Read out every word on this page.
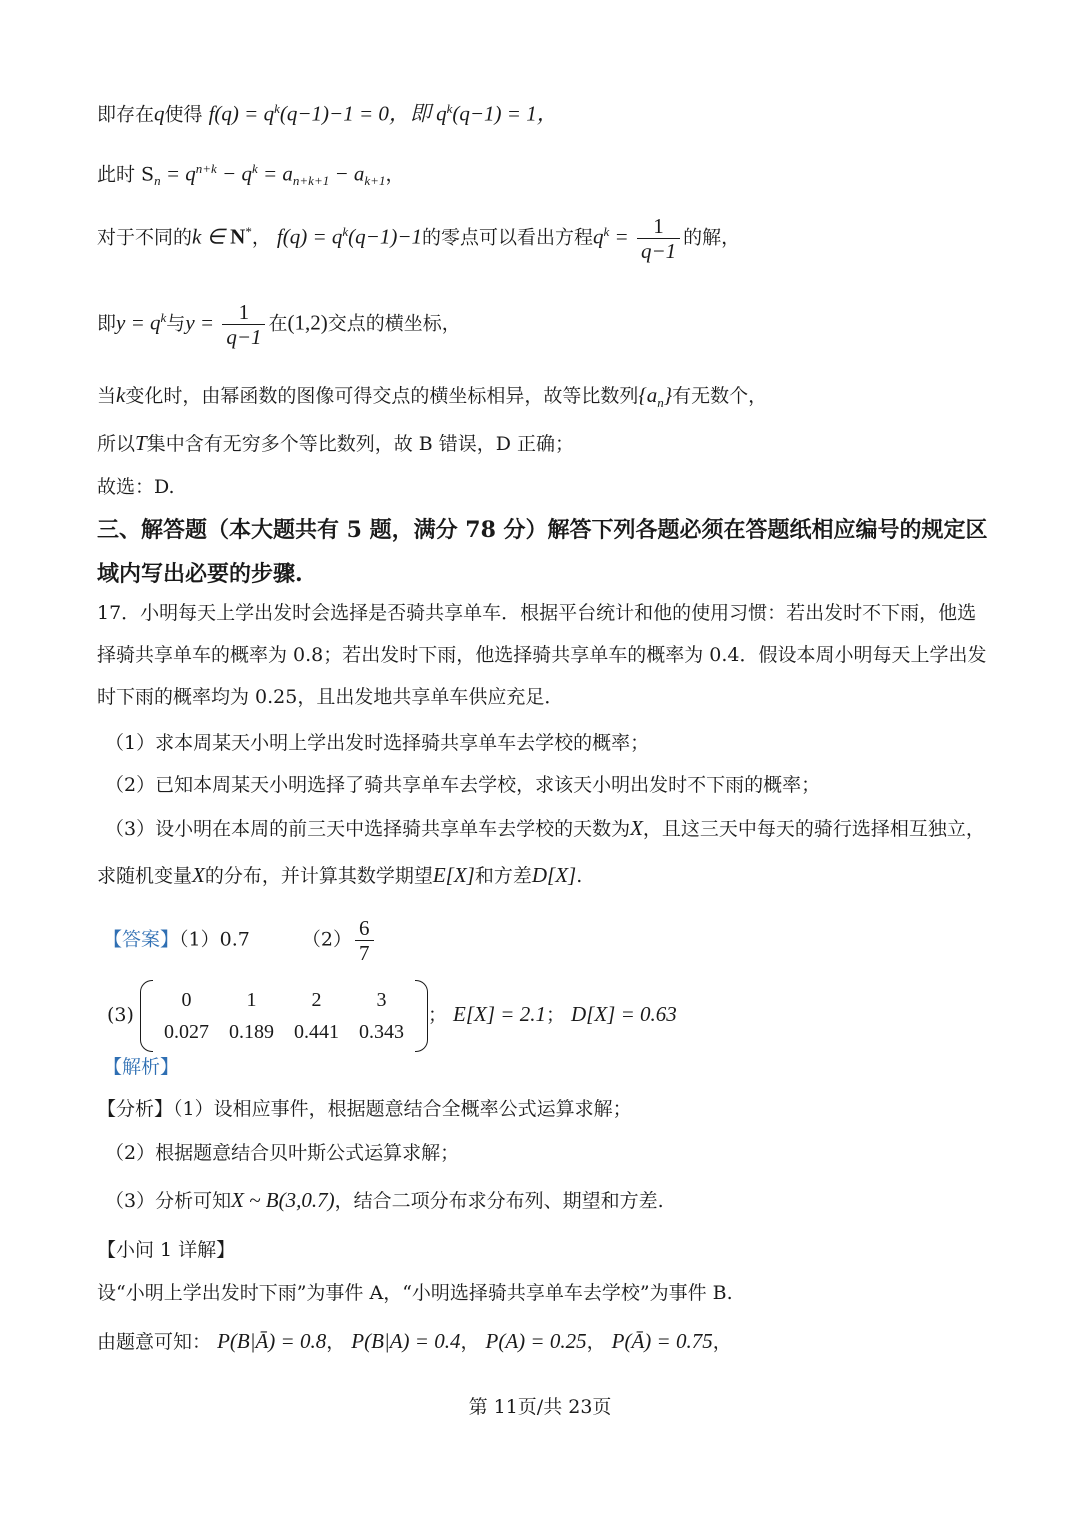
即存在q使得 $f(q) = q^k(q-1)-1 = 0$，即 $q^k(q-1) = 1$，
此时 $S_n = q^{n+k} - q^k = a_{n+k+1} - a_{k+1}$，
对于不同的k ∈ N*， $f(q) = q^k(q-1)-1$的零点可以看出方程$q^k = \frac{1}{q-1}$ 的解，
即$y = q^k$与$y = \frac{1}{q-1}$ 在(1,2)交点的横坐标，
当k变化时，由幂函数的图像可得交点的横坐标相异，故等比数列$\{a_n\}$有无数个，
所以T集中含有无穷多个等比数列，故 B 错误，D 正确；
故选：D.
三、解答题（本大题共有 5 题，满分 78 分）解答下列各题必须在答题纸相应编号的规定区域内写出必要的步骤.
17．小明每天上学出发时会选择是否骑共享单车．根据平台统计和他的使用习惯：若出发时不下雨，他选择骑共享单车的概率为 0.8；若出发时下雨，他选择骑共享单车的概率为 0.4．假设本周小明每天上学出发时下雨的概率均为 0.25，且出发地共享单车供应充足．
（1）求本周某天小明上学出发时选择骑共享单车去学校的概率；
（2）已知本周某天小明选择了骑共享单车去学校，求该天小明出发时不下雨的概率；
（3）设小明在本周的前三天中选择骑共享单车去学校的天数为X，且这三天中每天的骑行选择相互独立，
求随机变量X的分布，并计算其数学期望E[X]和方差D[X].
【答案】（1）0.7	$(2) \frac{6}{7}$
(3)
0	1	2	3
0.027	0.189	0.441	0.343
； E[X] = 2.1； D[X] = 0.63
【解析】
【分析】（1）设相应事件，根据题意结合全概率公式运算求解；
（2）根据题意结合贝叶斯公式运算求解；
（3）分析可知X ~ B(3,0.7)，结合二项分布求分布列、期望和方差.
【小问 1 详解】
设“小明上学出发时下雨”为事件 A，“小明选择骑共享单车去学校”为事件 B.
由题意可知： P(B|Ā) = 0.8， P(B|A) = 0.4， P(A) = 0.25， P(Ā) = 0.75，
第 11页/共 23页
